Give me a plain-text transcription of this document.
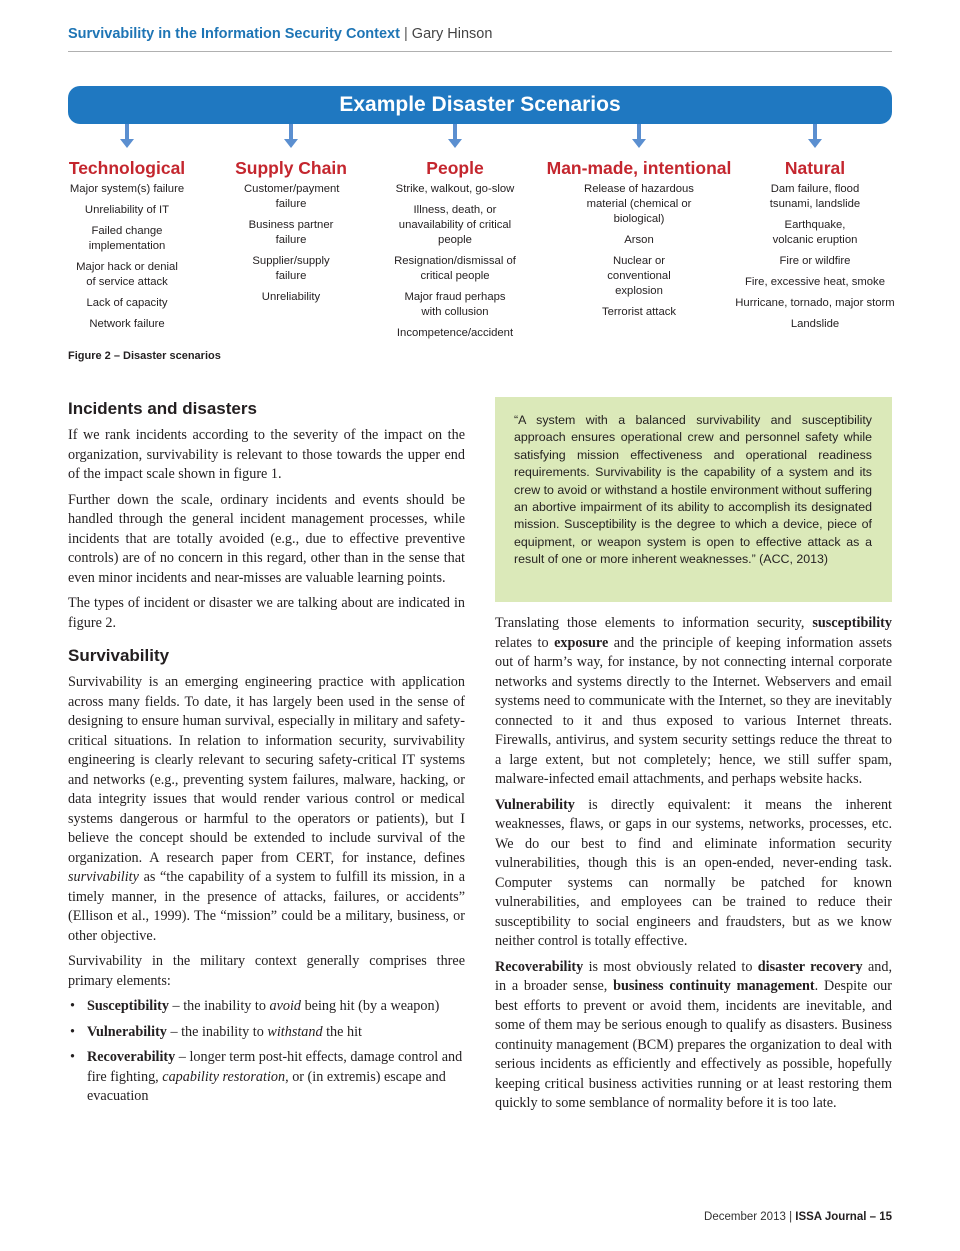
Survivability in the Information Security Context | Gary Hinson
Example Disaster Scenarios
Technological
Major system(s) failure
Unreliability of IT
Failed change implementation
Major hack or denial of service attack
Lack of capacity
Network failure
Supply Chain
Customer/payment failure
Business partner failure
Supplier/supply failure
Unreliability
People
Strike, walkout, go-slow
Illness, death, or unavailability of critical people
Resignation/dismissal of critical people
Major fraud perhaps with collusion
Incompetence/accident
Man-made, intentional
Release of hazardous material (chemical or biological)
Arson
Nuclear or conventional explosion
Terrorist attack
Natural
Dam failure, flood tsunami, landslide
Earthquake, volcanic eruption
Fire or wildfire
Fire, excessive heat, smoke
Hurricane, tornado, major storm
Landslide
Figure 2 – Disaster scenarios
Incidents and disasters

If we rank incidents according to the severity of the impact on the organization, survivability is relevant to those towards the upper end of the impact scale shown in figure 1.

Further down the scale, ordinary incidents and events should be handled through the general incident management processes, while incidents that are totally avoided (e.g., due to effective preventive controls) are of no concern in this regard, other than in the sense that even minor incidents and near-misses are valuable learning points.

The types of incident or disaster we are talking about are indicated in figure 2.

Survivability

Survivability is an emerging engineering practice with application across many fields. To date, it has largely been used in the sense of designing to ensure human survival, especially in military and safety-critical situations. In relation to information security, survivability engineering is clearly relevant to securing safety-critical IT systems and networks (e.g., preventing system failures, malware, hacking, or data integrity issues that would render various control or medical systems dangerous or harmful to the operators or patients), but I believe the concept should be extended to include survival of the organization. A research paper from CERT, for instance, defines survivability as “the capability of a system to fulfill its mission, in a timely manner, in the presence of attacks, failures, or accidents” (Ellison et al., 1999). The “mission” could be a military, business, or other objective.

Survivability in the military context generally comprises three primary elements:

• Susceptibility – the inability to avoid being hit (by a weapon)
• Vulnerability – the inability to withstand the hit
• Recoverability – longer term post-hit effects, damage control and fire fighting, capability restoration, or (in extremis) escape and evacuation
“A system with a balanced survivability and susceptibility approach ensures operational crew and personnel safety while satisfying mission effectiveness and operational readiness requirements. Survivability is the capability of a system and its crew to avoid or withstand a hostile environment without suffering an abortive impairment of its ability to accomplish its designated mission. Susceptibility is the degree to which a device, piece of equipment, or weapon system is open to effective attack as a result of one or more inherent weaknesses.” (ACC, 2013)

Translating those elements to information security, susceptibility relates to exposure and the principle of keeping information assets out of harm’s way, for instance, by not connecting internal corporate networks and systems directly to the Internet. Webservers and email systems need to communicate with the Internet, so they are inevitably connected to it and thus exposed to various Internet threats. Firewalls, antivirus, and system security settings reduce the threat to a large extent, but not completely; hence, we still suffer spam, malware-infected email attachments, and perhaps website hacks.

Vulnerability is directly equivalent: it means the inherent weaknesses, flaws, or gaps in our systems, networks, processes, etc. We do our best to find and eliminate information security vulnerabilities, though this is an open-ended, never-ending task. Computer systems can normally be patched for known vulnerabilities, and employees can be trained to reduce their susceptibility to social engineers and fraudsters, but as we know neither control is totally effective.

Recoverability is most obviously related to disaster recovery and, in a broader sense, business continuity management. Despite our best efforts to prevent or avoid them, incidents are inevitable, and some of them may be serious enough to qualify as disasters. Business continuity management (BCM) prepares the organization to deal with serious incidents as efficiently and effectively as possible, hopefully keeping critical business activities running or at least restoring them quickly to some semblance of normality before it is too late.

December 2013 | ISSA Journal – 15
